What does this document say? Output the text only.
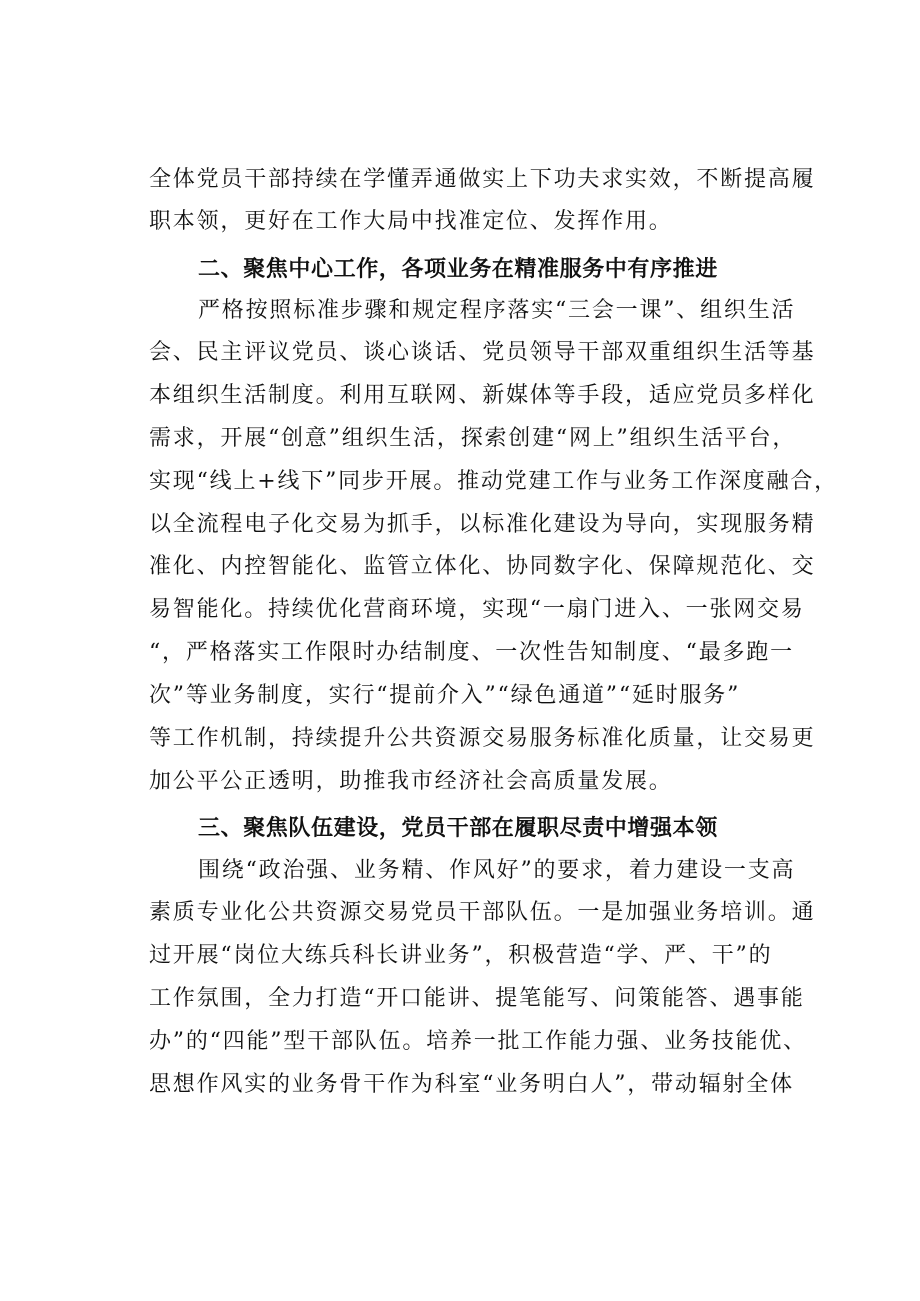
全体党员干部持续在学懂弄通做实上下功夫求实效，不断提高履
职本领，更好在工作大局中找准定位、发挥作用。
二、聚焦中心工作，各项业务在精准服务中有序推进
严格按照标准步骤和规定程序落实“三会一课”、组织生活
会、民主评议党员、谈心谈话、党员领导干部双重组织生活等基
本组织生活制度。利用互联网、新媒体等手段，适应党员多样化
需求，开展“创意”组织生活，探索创建“网上”组织生活平台，
实现“线上+线下”同步开展。推动党建工作与业务工作深度融合，
以全流程电子化交易为抓手，以标准化建设为导向，实现服务精
准化、内控智能化、监管立体化、协同数字化、保障规范化、交
易智能化。持续优化营商环境，实现“一扇门进入、一张网交易
“，严格落实工作限时办结制度、一次性告知制度、“最多跑一
次”等业务制度，实行“提前介入”“绿色通道”“延时服务”
等工作机制，持续提升公共资源交易服务标准化质量，让交易更
加公平公正透明，助推我市经济社会高质量发展。
三、聚焦队伍建设，党员干部在履职尽责中增强本领
围绕“政治强、业务精、作风好”的要求，着力建设一支高
素质专业化公共资源交易党员干部队伍。一是加强业务培训。通
过开展“岗位大练兵科长讲业务”，积极营造“学、严、干”的
工作氛围，全力打造“开口能讲、提笔能写、问策能答、遇事能
办”的“四能”型干部队伍。培养一批工作能力强、业务技能优、
思想作风实的业务骨干作为科室“业务明白人”，带动辐射全体
